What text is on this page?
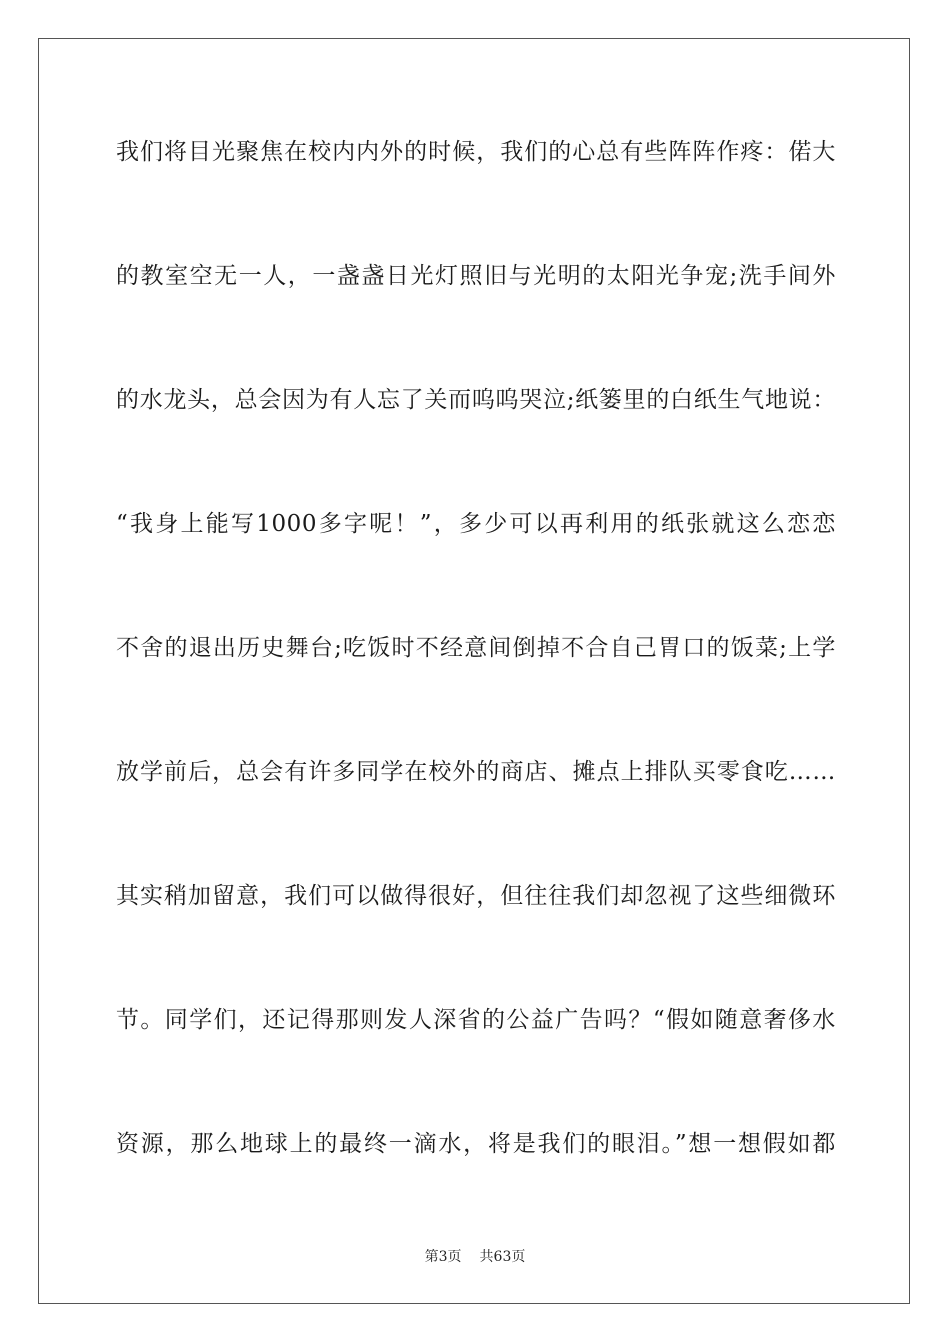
我们将目光聚焦在校内内外的时候，我们的心总有些阵阵作疼：偌大
的教室空无一人，一盏盏日光灯照旧与光明的太阳光争宠;洗手间外
的水龙头，总会因为有人忘了关而呜呜哭泣;纸篓里的白纸生气地说：
“我身上能写1000多字呢！”，多少可以再利用的纸张就这么恋恋
不舍的退出历史舞台;吃饭时不经意间倒掉不合自己胃口的饭菜;上学
放学前后，总会有许多同学在校外的商店、摊点上排队买零食吃……
其实稍加留意，我们可以做得很好，但往往我们却忽视了这些细微环
节。同学们，还记得那则发人深省的公益广告吗？“假如随意奢侈水
资源，那么地球上的最终一滴水，将是我们的眼泪。”想一想假如都
第3页 共63页
